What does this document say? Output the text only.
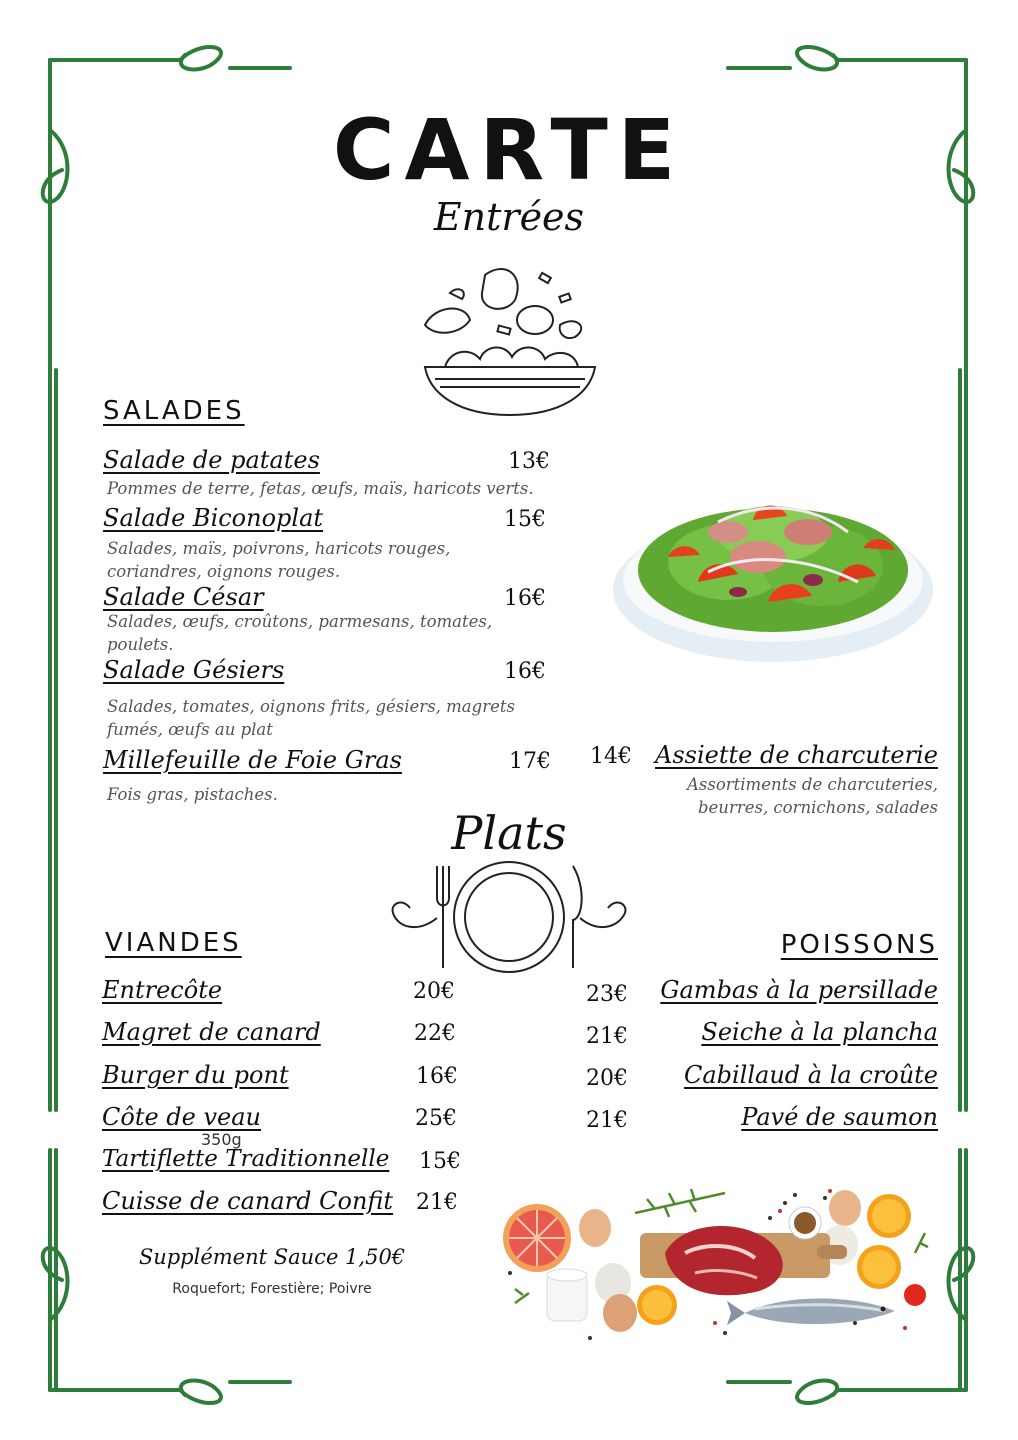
CARTE
Entrées
SALADES
Salade de patates	13€
Pommes de terre, fetas, œufs, maïs, haricots verts.
Salade Biconoplat	15€
Salades, maïs, poivrons, haricots rouges, coriandres, oignons rouges.
Salade César	16€
Salades, œufs, croûtons, parmesans, tomates, poulets.
Salade Gésiers	16€
Salades, tomates, oignons frits, gésiers, magrets fumés, œufs au plat
Millefeuille de Foie Gras	17€
Fois gras, pistaches.
14€ Assiette de charcuterie
Assortiments de charcuteries, beurres, cornichons, salades
Plats
VIANDES
Entrecôte	20€
Magret de canard	22€
Burger du pont	16€
Côte de veau	25€
350g
Tartiflette Traditionnelle 15€
Cuisse de canard Confit 21€
Supplément Sauce 1,50€
Roquefort; Forestière; Poivre
POISSONS
23€	Gambas à la persillade
21€	Seiche à la plancha
20€	Cabillaud à la croûte
21€	Pavé de saumon
